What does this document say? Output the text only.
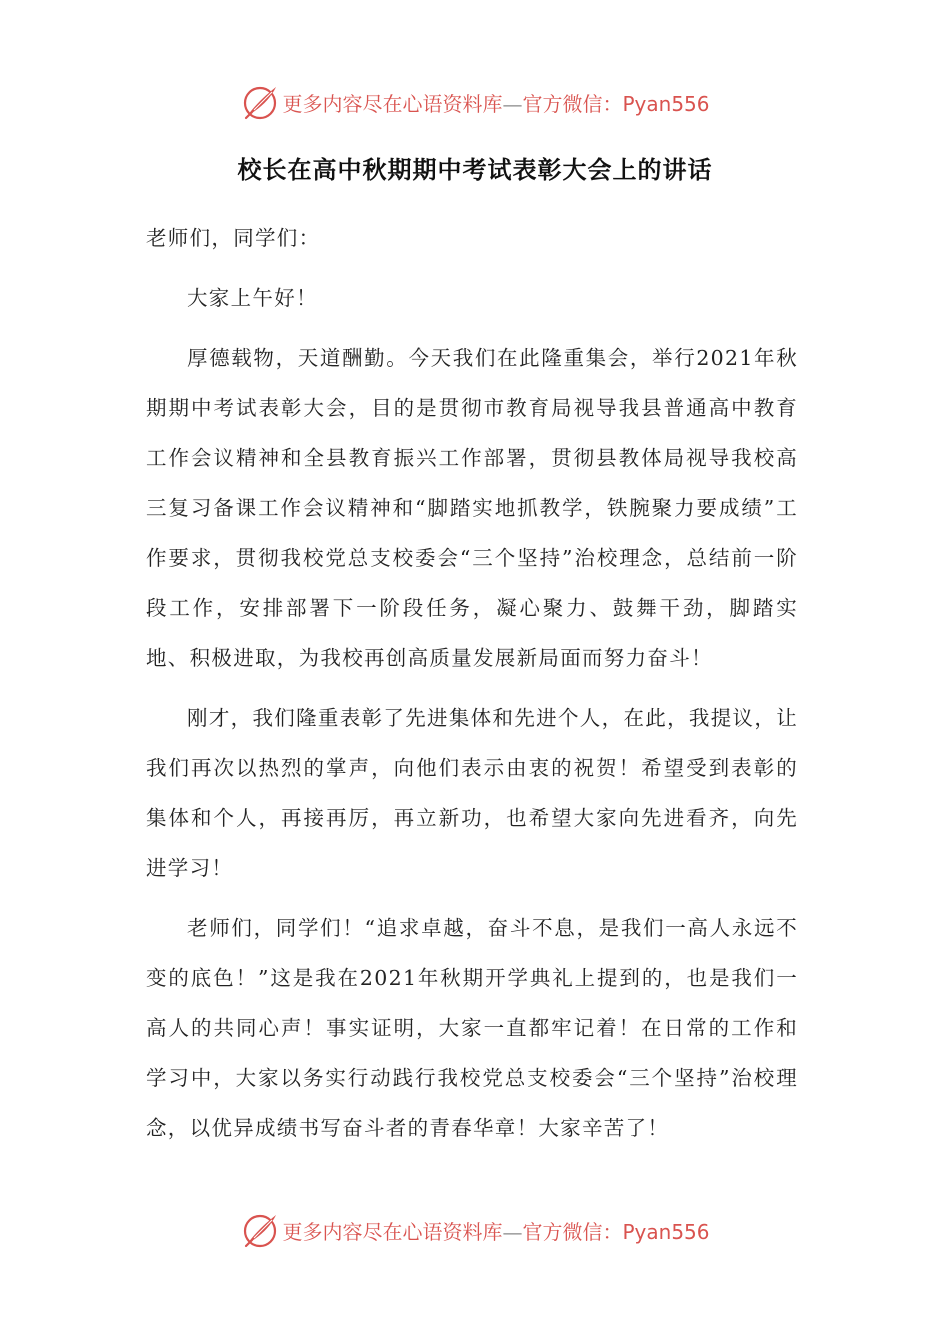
更多内容尽在心语资料库—官方微信：Pyan556
校长在高中秋期期中考试表彰大会上的讲话

老师们，同学们：

大家上午好！

厚德载物，天道酬勤。今天我们在此隆重集会，举行2021年秋期期中考试表彰大会，目的是贯彻市教育局视导我县普通高中教育工作会议精神和全县教育振兴工作部署，贯彻县教体局视导我校高三复习备课工作会议精神和“脚踏实地抓教学，铁腕聚力要成绩”工作要求，贯彻我校党总支校委会“三个坚持”治校理念，总结前一阶段工作，安排部署下一阶段任务，凝心聚力、鼓舞干劲，脚踏实地、积极进取，为我校再创高质量发展新局面而努力奋斗！

刚才，我们隆重表彰了先进集体和先进个人，在此，我提议，让我们再次以热烈的掌声，向他们表示由衷的祝贺！希望受到表彰的集体和个人，再接再厉，再立新功，也希望大家向先进看齐，向先进学习！

老师们，同学们！“追求卓越，奋斗不息，是我们一高人永远不变的底色！”这是我在2021年秋期开学典礼上提到的，也是我们一高人的共同心声！事实证明，大家一直都牢记着！在日常的工作和学习中，大家以务实行动践行我校党总支校委会“三个坚持”治校理念，以优异成绩书写奋斗者的青春华章！大家辛苦了！

更多内容尽在心语资料库—官方微信：Pyan556
